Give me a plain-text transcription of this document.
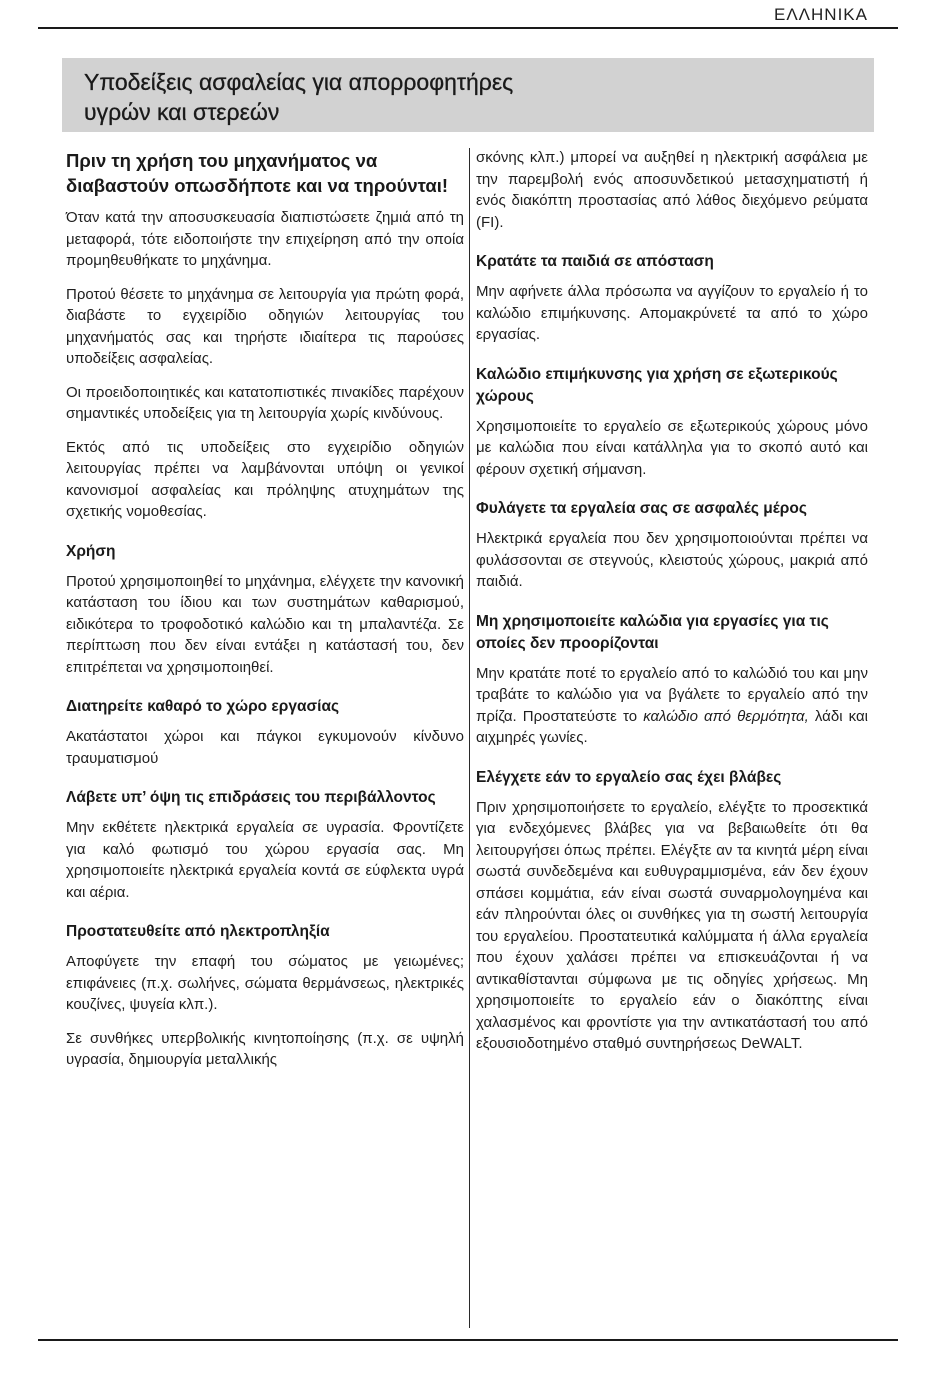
ΕΛΛΗΝΙΚΑ
Υποδείξεις ασφαλείας για απορροφητήρες
υγρών και στερεών
Πριν τη χρήση του μηχανήματος να διαβαστούν οπωσδήποτε και να τηρούνται!

Όταν κατά την αποσυσκευασία διαπιστώσετε ζημιά από τη μεταφορά, τότε ειδοποιήστε την επιχείρηση από την οποία προμηθευθήκατε το μηχάνημα.

Προτού θέσετε το μηχάνημα σε λειτουργία για πρώτη φορά, διαβάστε το εγχειρίδιο οδηγιών λειτουργίας του μηχανήματός σας και τηρήστε ιδιαίτερα τις παρούσες υποδείξεις ασφαλείας.

Οι προειδοποιητικές και κατατοπιστικές πινακίδες παρέχουν σημαντικές υποδείξεις για τη λειτουργία χωρίς κινδύνους.

Εκτός από τις υποδείξεις στο εγχειρίδιο οδηγιών λειτουργίας πρέπει να λαμβάνονται υπόψη οι γενικοί κανονισμοί ασφαλείας και πρόληψης ατυχημάτων της σχετικής νομοθεσίας.

Χρήση

Προτού χρησιμοποιηθεί το μηχάνημα, ελέγχετε την κανονική κατάσταση του ίδιου και των συστημάτων καθαρισμού, ειδικότερα το τροφοδοτικό καλώδιο και τη μπαλαντέζα. Σε περίπτωση που δεν είναι εντάξει η κατάστασή του, δεν επιτρέπεται να χρησιμοποιηθεί.

Διατηρείτε καθαρό το χώρο εργασίας

Ακατάστατοι χώροι και πάγκοι εγκυμονούν κίνδυνο τραυματισμού

Λάβετε υπ’ όψη τις επιδράσεις του περιβάλλοντος

Μην εκθέτετε ηλεκτρικά εργαλεία σε υγρασία. Φροντίζετε για καλό φωτισμό του χώρου εργασία σας. Μη χρησιμοποιείτε ηλεκτρικά εργαλεία κοντά σε εύφλεκτα υγρά και αέρια.

Προστατευθείτε από ηλεκτροπληξία

Αποφύγετε την επαφή του σώματος με γειωμένες; επιφάνειες (π.χ. σωλήνες, σώματα θερμάνσεως, ηλεκτρικές κουζίνες, ψυγεία κλπ.).

Σε συνθήκες υπερβολικής κινητοποίησης (π.χ. σε υψηλή υγρασία, δημιουργία μεταλλικής

σκόνης κλπ.) μπορεί να αυξηθεί η ηλεκτρική ασφάλεια με την παρεμβολή ενός αποσυνδετικού μετασχηματιστή ή ενός διακόπτη προστασίας από λάθος διεχόμενο ρεύματα (FI).

Κρατάτε τα παιδιά σε απόσταση

Μην αφήνετε άλλα πρόσωπα να αγγίζουν το εργαλείο ή το καλώδιο επιμήκυνσης. Απομακρύνετέ τα από το χώρο εργασίας.

Καλώδιο επιμήκυνσης για χρήση σε εξωτερικούς χώρους

Χρησιμοποιείτε το εργαλείο σε εξωτερικούς χώρους μόνο με καλώδια που είναι κατάλληλα για το σκοπό αυτό και φέρουν σχετική σήμανση.

Φυλάγετε τα εργαλεία σας σε ασφαλές μέρος

Ηλεκτρικά εργαλεία που δεν χρησιμοποιούνται πρέπει να φυλάσσονται σε στεγνούς, κλειστούς χώρους, μακριά από παιδιά.

Μη χρησιμοποιείτε καλώδια για εργασίες για τις οποίες δεν προορίζονται

Μην κρατάτε ποτέ το εργαλείο από το καλώδιό του και μην τραβάτε το καλώδιο για να βγάλετε το εργαλείο από την πρίζα. Προστατεύστε το καλώδιο από θερμότητα, λάδι και αιχμηρές γωνίες.

Ελέγχετε εάν το εργαλείο σας έχει βλάβες

Πριν χρησιμοποιήσετε το εργαλείο, ελέγξτε το προσεκτικά για ενδεχόμενες βλάβες για να βεβαιωθείτε ότι θα λειτουργήσει όπως πρέπει. Ελέγξτε αν τα κινητά μέρη είναι σωστά συνδεδεμένα και ευθυγραμμισμένα, εάν δεν έχουν σπάσει κομμάτια, εάν είναι σωστά συναρμολογημένα και εάν πληρούνται όλες οι συνθήκες για τη σωστή λειτουργία του εργαλείου. Προστατευτικά καλύμματα ή άλλα εργαλεία που έχουν χαλάσει πρέπει να επισκευάζονται ή να αντικαθίστανται σύμφωνα με τις οδηγίες χρήσεως. Μη χρησιμοποιείτε το εργαλείο εάν ο διακόπτης είναι χαλασμένος και φροντίστε για την αντικατάστασή του από εξουσιοδοτημένο σταθμό συντηρήσεως DeWALT.
